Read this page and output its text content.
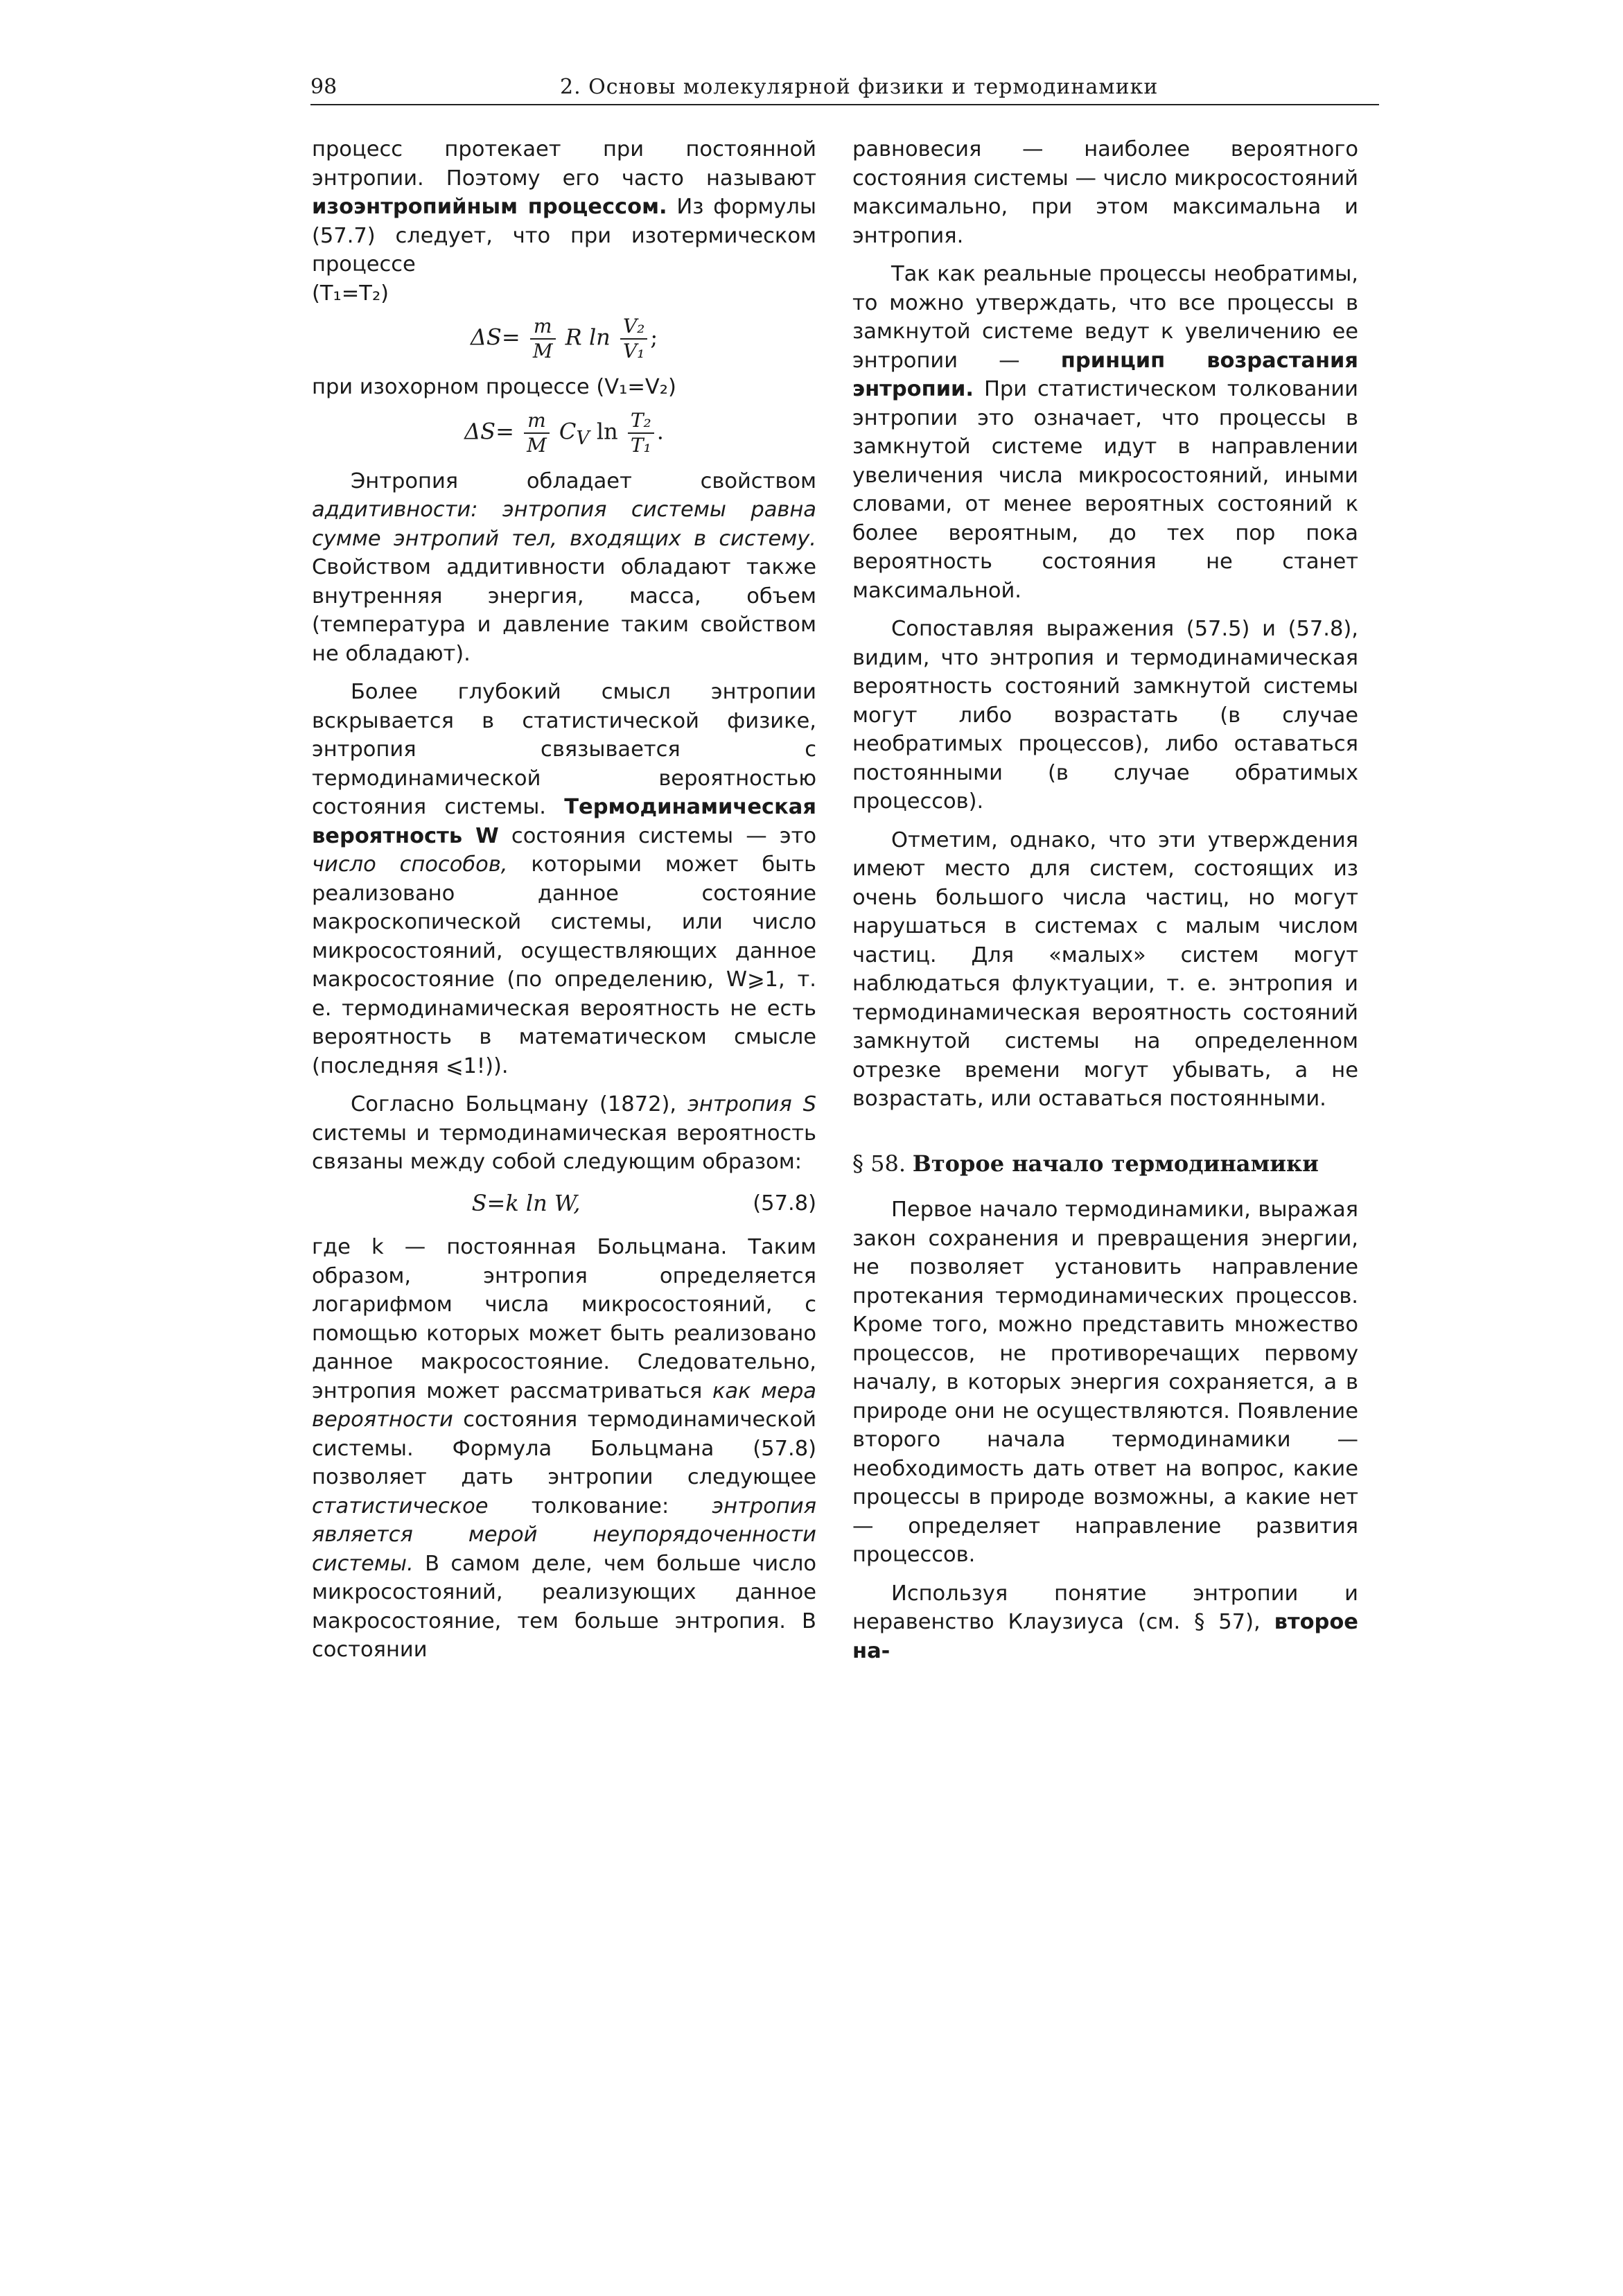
98	2. Основы молекулярной физики и термодинамики

процесс протекает при постоянной энтропии. Поэтому его часто называют изоэнтропийным процессом. Из формулы (57.7) следует, что при изотермическом процессе

(T₁=T₂)

$\Delta S= \frac{m}{M}$ R $\ln \frac{\text{V₂}}{\text{V₁}}$ ;

при изохорном процессе (V₁=V₂)

$\Delta S= \frac{m}{M} C_V$ $\ln \frac{\text{T₂}}{\text{T₁}}$ .

Энтропия обладает свойством аддитивности: энтропия системы равна сумме энтропий тел, входящих в систему. Свойством аддитивности обладают также внутренняя энергия, масса, объем (температура и давление таким свойством не обладают).

Более глубокий смысл энтропии вскрывается в статистической физике, энтропия связывается с термодинамической вероятностью состояния системы. Термодинамическая вероятность W состояния системы — это число способов, которыми может быть реализовано данное состояние макроскопической системы, или число микросостояний, осуществляющих данное макросостояние (по определению, W⩾1, т. е. термодинамическая вероятность не есть вероятность в математическом смысле (последняя ⩽1!)).

Согласно Больцману (1872), энтропия S системы и термодинамическая вероятность связаны между собой следующим образом:

S=k ln W,	(57.8)

где k — постоянная Больцмана. Таким образом, энтропия определяется логарифмом числа микросостояний, с помощью которых может быть реализовано данное макросостояние. Следовательно, энтропия может рассматриваться как мера вероятности состояния термодинамической системы. Формула Больцмана (57.8) позволяет дать энтропии следующее статистическое толкование: энтропия является мерой неупорядоченности системы. В самом деле, чем больше число микросостояний, реализующих данное макросостояние, тем больше энтропия. В состоянии

равновесия — наиболее вероятного состояния системы — число микросостояний максимально, при этом максимальна и энтропия.

Так как реальные процессы необратимы, то можно утверждать, что все процессы в замкнутой системе ведут к увеличению ее энтропии — принцип возрастания энтропии. При статистическом толковании энтропии это означает, что процессы в замкнутой системе идут в направлении увеличения числа микросостояний, иными словами, от менее вероятных состояний к более вероятным, до тех пор пока вероятность состояния не станет максимальной.

Сопоставляя выражения (57.5) и (57.8), видим, что энтропия и термодинамическая вероятность состояний замкнутой системы могут либо возрастать (в случае необратимых процессов), либо оставаться постоянными (в случае обратимых процессов).

Отметим, однако, что эти утверждения имеют место для систем, состоящих из очень большого числа частиц, но могут нарушаться в системах с малым числом частиц. Для «малых» систем могут наблюдаться флуктуации, т. е. энтропия и термодинамическая вероятность состояний замкнутой системы на определенном отрезке времени могут убывать, а не возрастать, или оставаться постоянными.

§ 58. Второе начало термодинамики

Первое начало термодинамики, выражая закон сохранения и превращения энергии, не позволяет установить направление протекания термодинамических процессов. Кроме того, можно представить множество процессов, не противоречащих первому началу, в которых энергия сохраняется, а в природе они не осуществляются. Появление второго начала термодинамики — необходимость дать ответ на вопрос, какие процессы в природе возможны, а какие нет — определяет направление развития процессов.

Используя понятие энтропии и неравенство Клаузиуса (см. § 57), второе на-
